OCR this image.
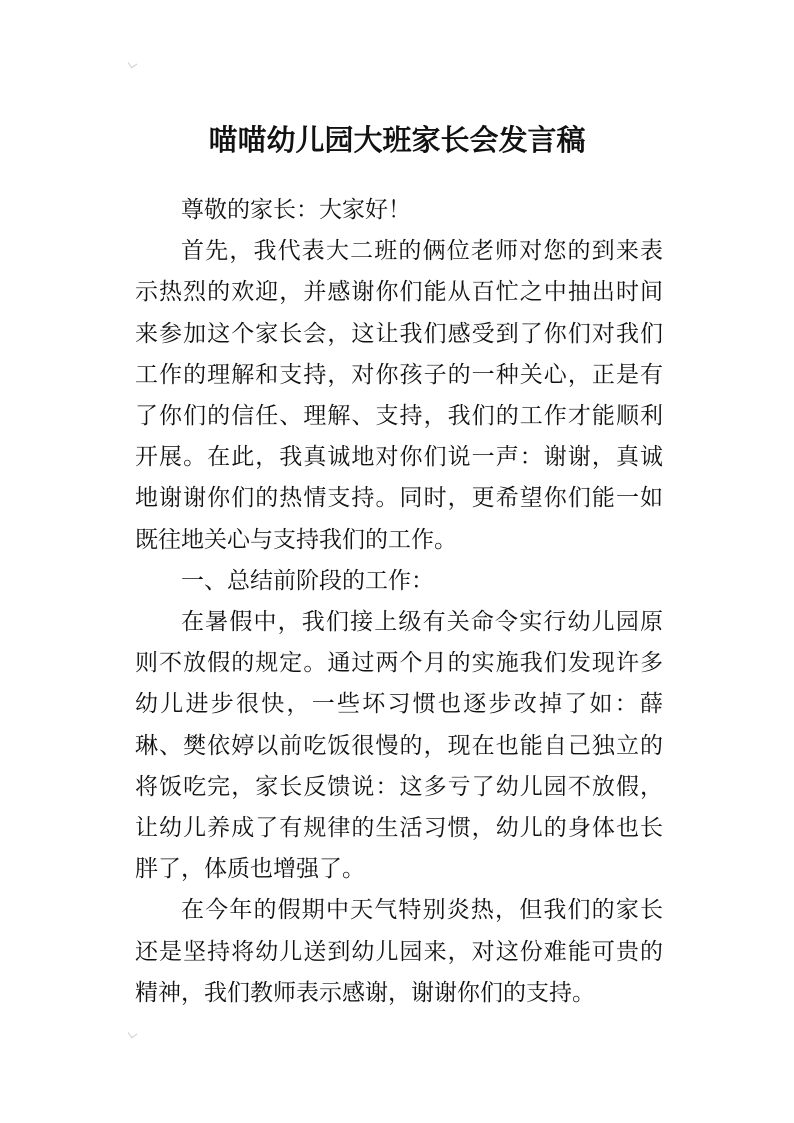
喵喵幼儿园大班家长会发言稿

尊敬的家长：大家好！

首先，我代表大二班的俩位老师对您的到来表示热烈的欢迎，并感谢你们能从百忙之中抽出时间来参加这个家长会，这让我们感受到了你们对我们工作的理解和支持，对你孩子的一种关心，正是有了你们的信任、理解、支持，我们的工作才能顺利开展。在此，我真诚地对你们说一声：谢谢，真诚地谢谢你们的热情支持。同时，更希望你们能一如既往地关心与支持我们的工作。

一、总结前阶段的工作：

在暑假中，我们接上级有关命令实行幼儿园原则不放假的规定。通过两个月的实施我们发现许多幼儿进步很快，一些坏习惯也逐步改掉了如：薛琳、樊依婷以前吃饭很慢的，现在也能自己独立的将饭吃完，家长反馈说：这多亏了幼儿园不放假，让幼儿养成了有规律的生活习惯，幼儿的身体也长胖了，体质也增强了。

在今年的假期中天气特别炎热，但我们的家长还是坚持将幼儿送到幼儿园来，对这份难能可贵的精神，我们教师表示感谢，谢谢你们的支持。
